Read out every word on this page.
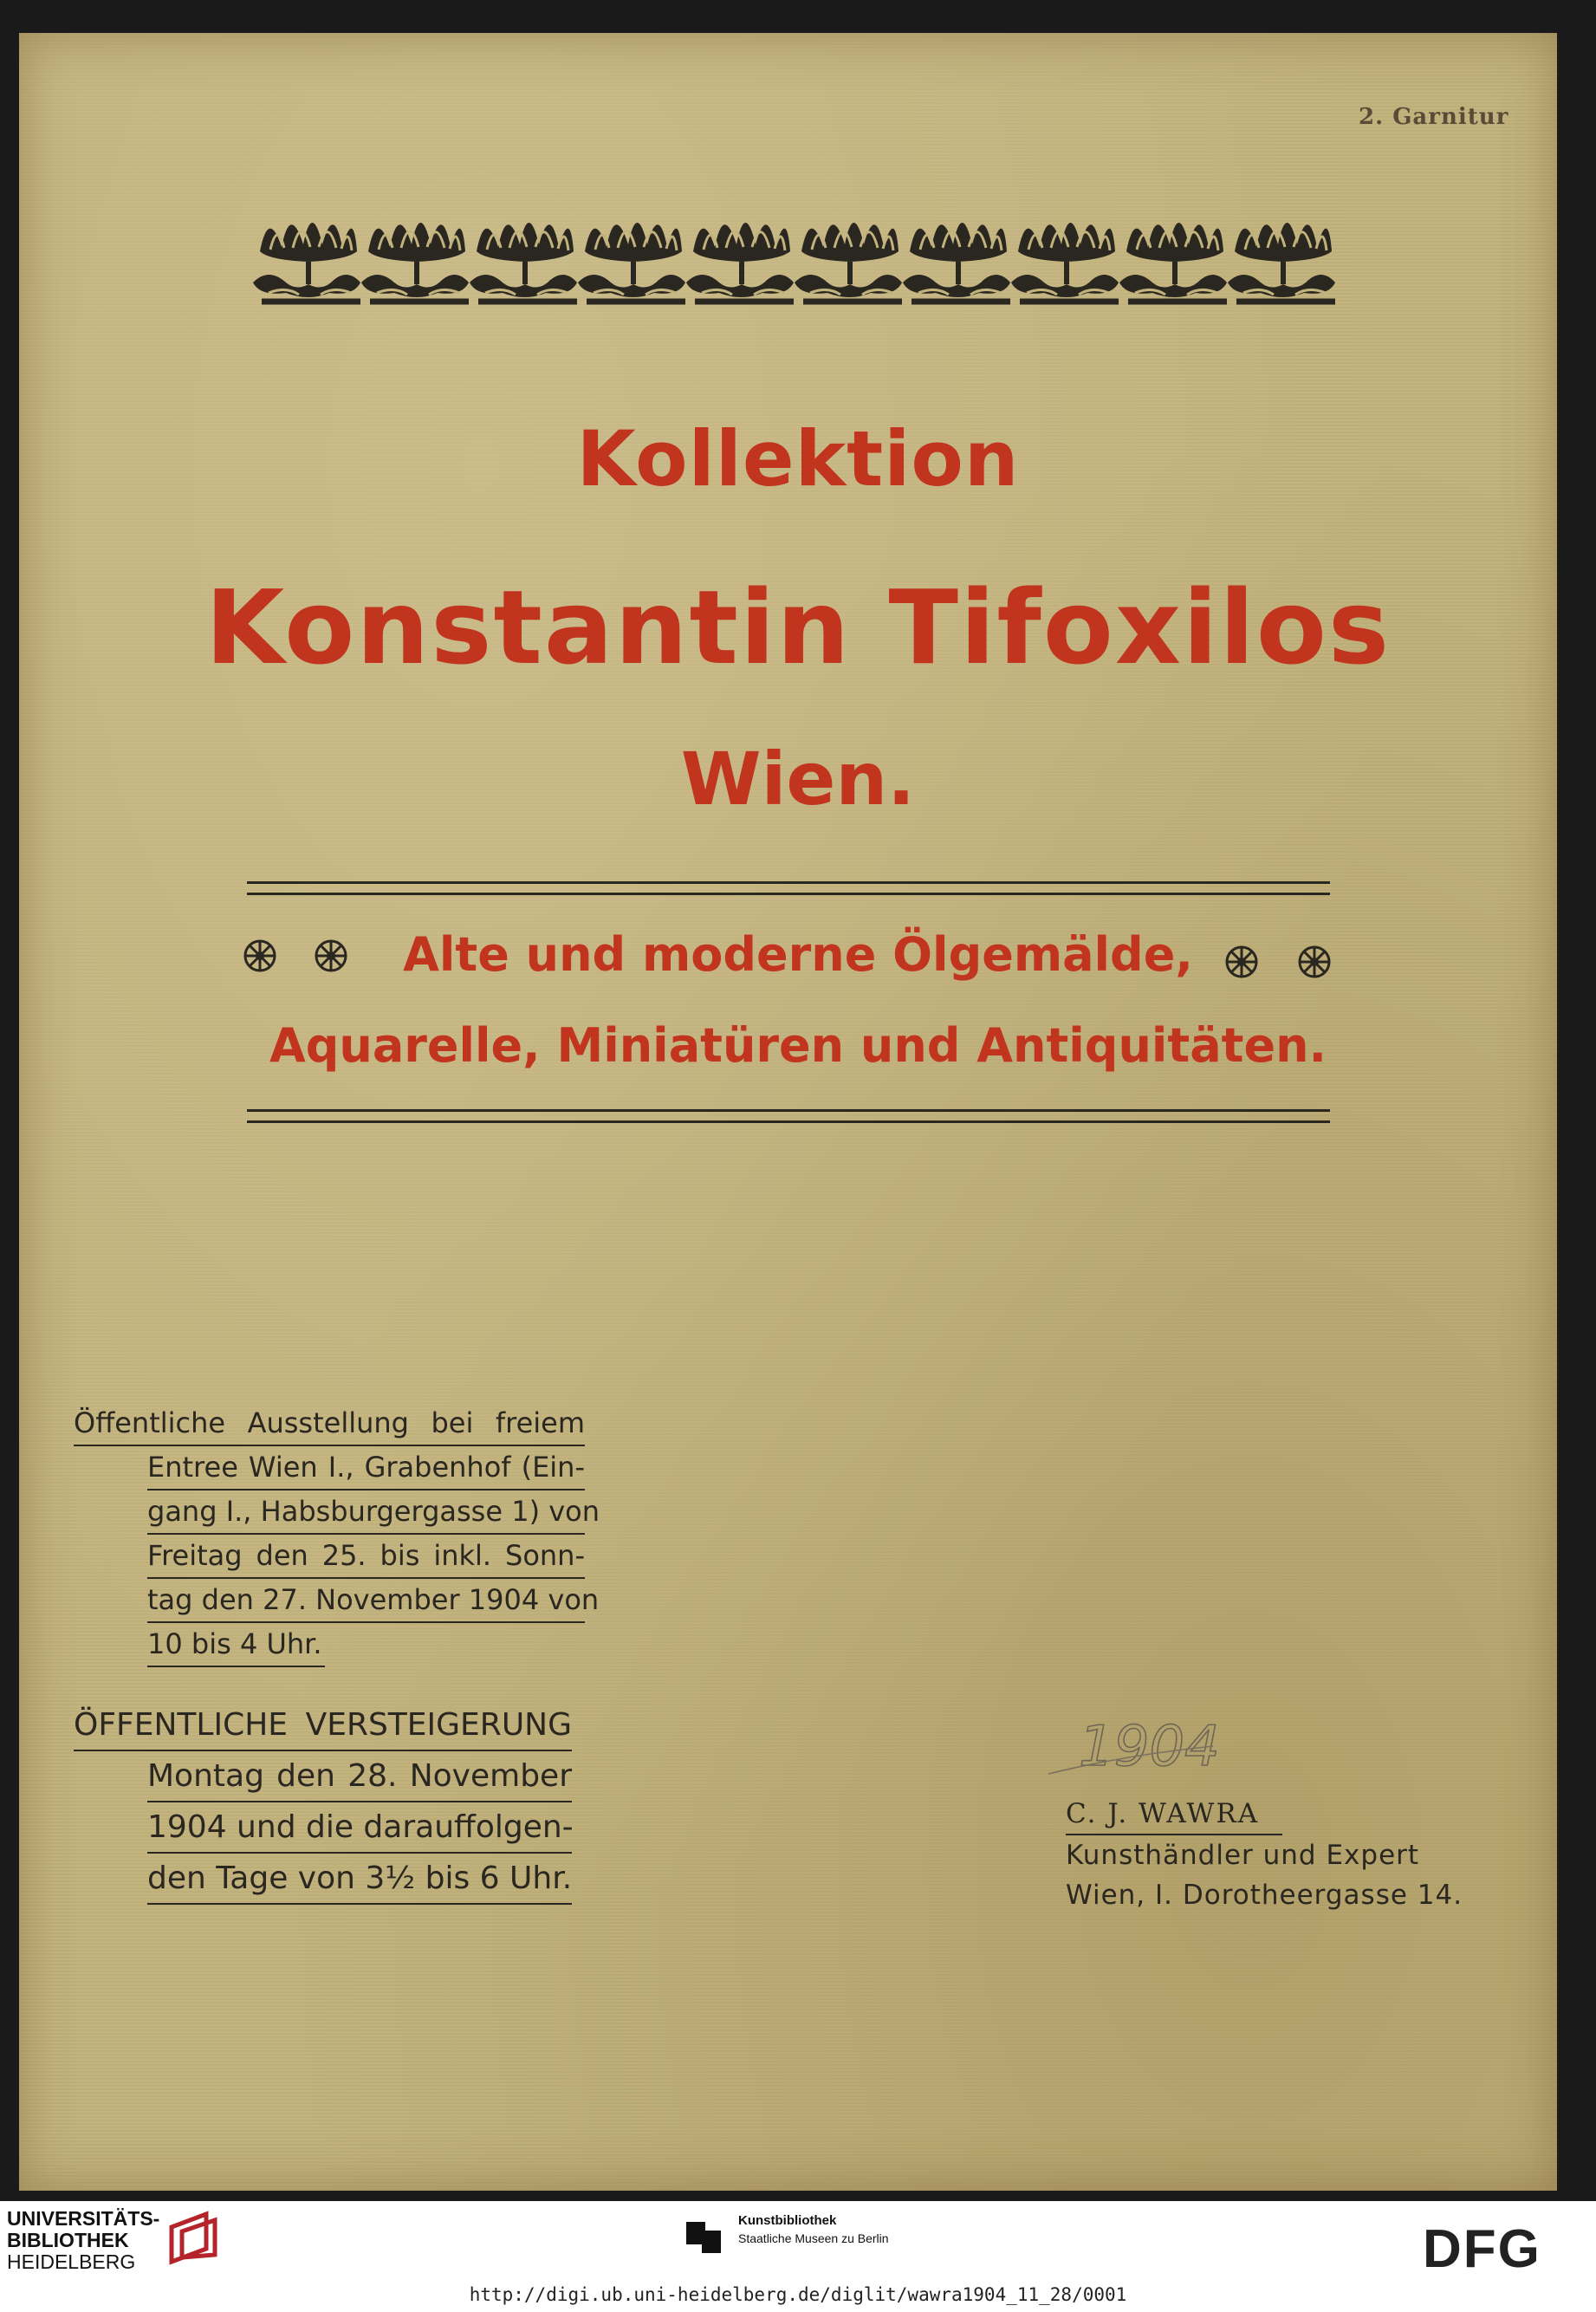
2. Garnitur
Kollektion
Konstantin Tifoxilos
Wien.
Alte und moderne Ölgemälde,
Aquarelle, Miniatüren und Antiquitäten.
Öffentliche Ausstellung bei freiem
Entree Wien I., Grabenhof (Ein-
gang I., Habsburgergasse 1) von
Freitag den 25. bis inkl. Sonn-
tag den 27. November 1904 von
10 bis 4 Uhr.
ÖFFENTLICHE VERSTEIGERUNG
Montag den 28. November
1904 und die darauffolgen-
den Tage von 3½ bis 6 Uhr.
1904
C. J. WAWRA
Kunsthändler und Expert
Wien, I. Dorotheergasse 14.
UNIVERSITÄTS-
BIBLIOTHEK
HEIDELBERG
Kunstbibliothek
Staatliche Museen zu Berlin	DFG
http://digi.ub.uni-heidelberg.de/diglit/wawra1904_11_28/0001
